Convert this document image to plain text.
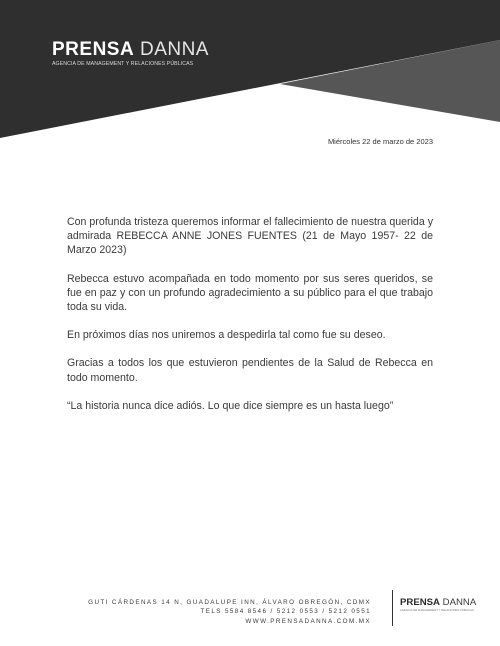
PRENSA DANNA
AGENCIA DE MANAGEMENT Y RELACIONES PÚBLICAS
Miércoles 22 de marzo de 2023

Con profunda tristeza queremos informar el fallecimiento de nuestra querida y admirada REBECCA ANNE JONES FUENTES (21 de Mayo 1957- 22 de Marzo 2023)

Rebecca estuvo acompañada en todo momento por sus seres queridos, se fue en paz y con un profundo agradecimiento a su público para el que trabajo toda su vida.

En próximos días nos uniremos a despedirla tal como fue su deseo.

Gracias a todos los que estuvieron pendientes de la Salud de Rebecca en todo momento.

“La historia nunca dice adiós. Lo que dice siempre es un hasta luego”

GUTI CÁRDENAS 14 N, GUADALUPE INN, ÁLVARO OBREGÓN, CDMX
TELS 5584 8546 / 5212 0553 / 5212 0551
WWW.PRENSADANNA.COM.MX
PRENSA DANNA
AGENCIA DE MANAGEMENT Y RELACIONES PÚBLICAS
